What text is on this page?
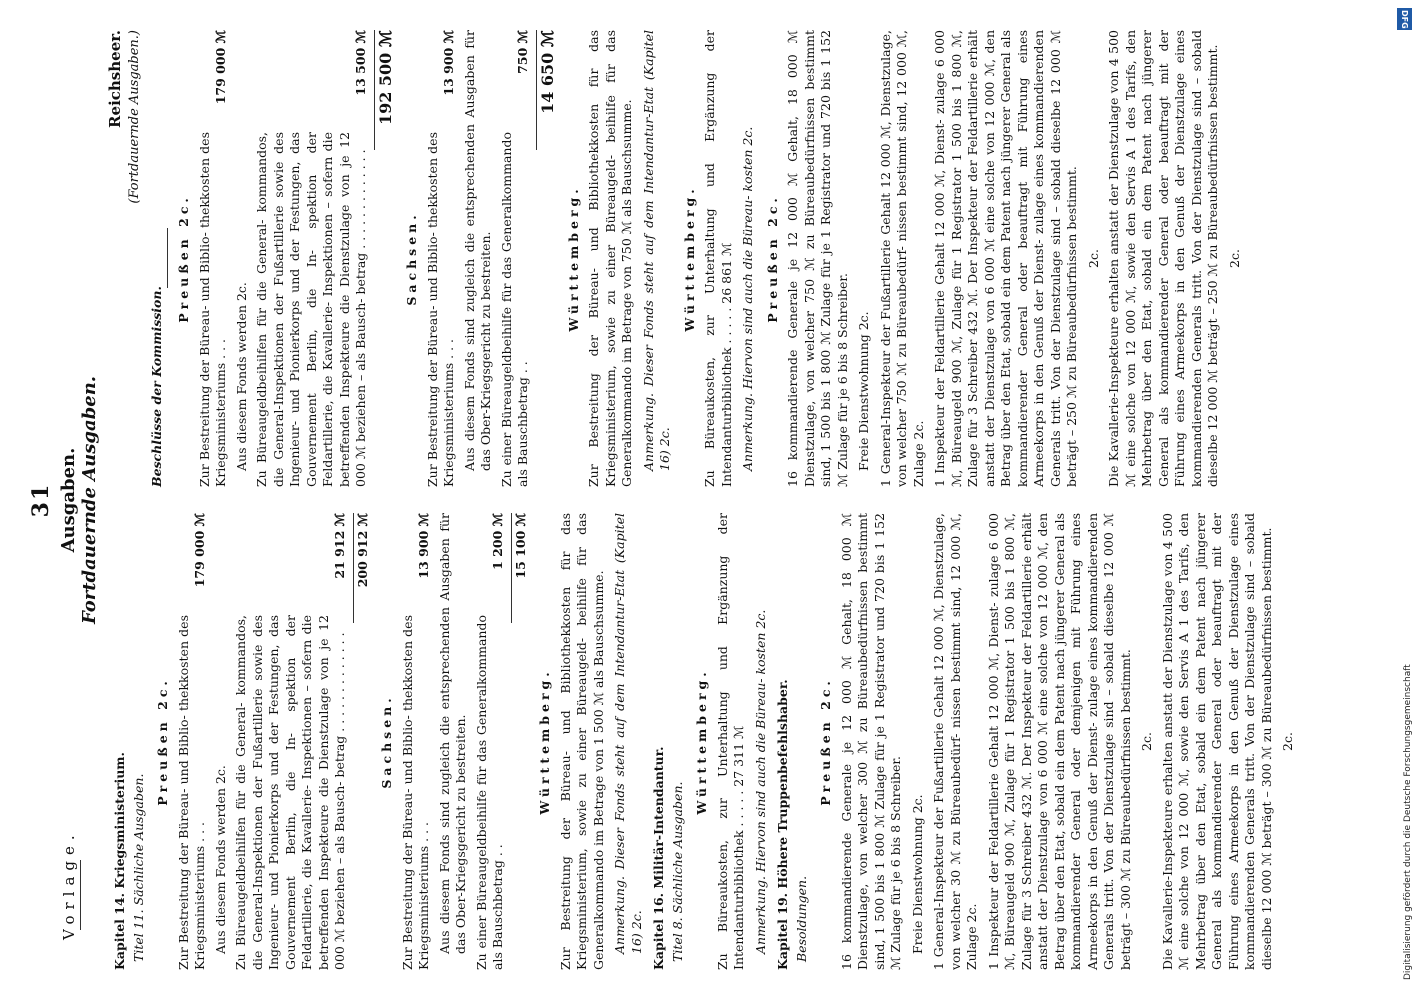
Vorlage.
31 Ausgaben. Fortdauernde Ausgaben.
Kapitel 14. Kriegsministerium. Titel 11. Sächliche Ausgaben.
Preußen 2c. Zur Bestreitung der Büreau- und Biblio- thekkosten des Kriegsministeriums . . .
179 000 ℳ
Aus diesem Fonds werden 2c. Zu Büreaugeldbeihilfen für die General- kommandos, die General-Inspektionen der Fußartillerie sowie des Ingenieur- und Pionierkorps und der Festungen, das Gouvernement Berlin, die In- spektion der Feldartillerie, die Kavallerie- Inspektionen – sofern die betreffenden Inspekteure die Dienstzulage von je 12 000 ℳ beziehen – als Bausch- betrag . . . . . . . . . . . . .
21 912 ℳ 200 912 ℳ
Sachsen. Zur Bestreitung der Büreau- und Biblio- thekkosten des Kriegsministeriums . . .
13 900 ℳ Aus diesem Fonds sind zugleich die entsprechenden Ausgaben für das Ober-Kriegsgericht zu bestreiten. Zu einer Büreaugeldbeihilfe für das Generalkommando als Bauschbetrag . .
1 200 ℳ 15 100 ℳ
Württemberg. Zur Bestreitung der Büreau- und Bibliothekkosten für das Kriegsministerium, sowie zu einer Büreaugeld- beihilfe für das Generalkommando im Betrage von 1 500 ℳ als Bauschsumme. Anmerkung. Dieser Fonds steht auf dem Intendantur-Etat (Kapitel 16) 2c. Kapitel 16. Militär-Intendantur. Titel 8. Sächliche Ausgaben.
Württemberg. Zu Büreaukosten, zur Unterhaltung und Ergänzung der Intendanturbibliothek . . . . . 27 311 ℳ Anmerkung. Hiervon sind auch die Büreau- kosten 2c. Kapitel 19. Höhere Truppenbefehlshaber. Besoldungen.
Preußen 2c. 16 kommandierende Generale je 12 000 ℳ Gehalt, 18 000 ℳ Dienstzulage, von welcher 300 ℳ zu Büreaubedürfnissen bestimmt sind, 1 500 bis 1 800 ℳ Zulage für je 1 Registrator und 720 bis 1 152 ℳ Zulage für je 6 bis 8 Schreiber. Freie Dienstwohnung 2c. 1 General-Inspekteur der Fußartillerie Gehalt 12 000 ℳ, Dienstzulage, von welcher 30 ℳ zu Büreaubedürf- nissen bestimmt sind, 12 000 ℳ, Zulage 2c. 1 Inspekteur der Feldartillerie Gehalt 12 000 ℳ, Dienst- zulage 6 000 ℳ, Büreaugeld 900 ℳ, Zulage für 1 Registrator 1 500 bis 1 800 ℳ, Zulage für 3 Schreiber 432 ℳ. Der Inspekteur der Feldartillerie erhält anstatt der Dienstzulage von 6 000 ℳ eine solche von 12 000 ℳ, den Betrag über den Etat, sobald ein dem Patent nach jüngerer General als kommandierender General oder demjenigen mit Führung eines Armeekorps in den Genuß der Dienst- zulage eines kommandierenden Generals tritt. Von der Dienstzulage sind – sobald dieselbe 12 000 ℳ beträgt – 300 ℳ zu Büreaubedürfnissen bestimmt. 2c. Die Kavallerie-Inspekteure erhalten anstatt der Dienstzulage von 4 500 ℳ eine solche von 12 000 ℳ, sowie den Servis A 1 des Tarifs, den Mehrbetrag über den Etat, sobald ein dem Patent nach jüngerer General als kommandierender General oder beauftragt mit der Führung eines Armeekorps in den Genuß der Dienstzulage eines kommandierenden Generals tritt. Von der Dienstzulage sind – sobald dieselbe 12 000 ℳ beträgt – 300 ℳ zu Büreaubedürfnissen bestimmt. 2c.
Reichsheer. (Fortdauernde Ausgaben.)
Beschlüsse der Kommission.
Preußen 2c. Zur Bestreitung der Büreau- und Biblio- thekkosten des Kriegsministeriums . . .
179 000 ℳ
Aus diesem Fonds werden 2c. Zu Büreaugeldbeihilfen für die General- kommandos, die General-Inspektionen der Fußartillerie sowie des Ingenieur- und Pionierkorps und der Festungen, das Gouvernement Berlin, die In- spektion der Feldartillerie, die Kavallerie- Inspektionen – sofern die betreffenden Inspekteure die Dienstzulage von je 12 000 ℳ beziehen – als Bausch- betrag . . . . . . . . . . . . .
13 500 ℳ 192 500 ℳ
Sachsen. Zur Bestreitung der Büreau- und Biblio- thekkosten des Kriegsministeriums . . .
13 900 ℳ Aus diesem Fonds sind zugleich die entsprechenden Ausgaben für das Ober-Kriegsgericht zu bestreiten. Zu einer Büreaugeldbeihilfe für das Generalkommando als Bauschbetrag . .
750 ℳ 14 650 ℳ
Württemberg. Zur Bestreitung der Büreau- und Bibliothekkosten für das Kriegsministerium, sowie zu einer Büreaugeld- beihilfe für das Generalkommando im Betrage von 750 ℳ als Bauschsumme. Anmerkung. Dieser Fonds steht auf dem Intendantur-Etat (Kapitel 16) 2c.
Württemberg. Zu Büreaukosten, zur Unterhaltung und Ergänzung der Intendanturbibliothek . . . . . 26 861 ℳ Anmerkung. Hiervon sind auch die Büreau- kosten 2c. Preußen 2c. 16 kommandierende Generale je 12 000 ℳ Gehalt, 18 000 ℳ Dienstzulage, von welcher 750 ℳ zu Büreaubedürfnissen bestimmt sind, 1 500 bis 1 800 ℳ Zulage für je 1 Registrator und 720 bis 1 152 ℳ Zulage für je 6 bis 8 Schreiber. Freie Dienstwohnung 2c. 1 General-Inspekteur der Fußartillerie Gehalt 12 000 ℳ, Dienstzulage, von welcher 750 ℳ zu Büreaubedürf- nissen bestimmt sind, 12 000 ℳ, Zulage 2c. 1 Inspekteur der Feldartillerie Gehalt 12 000 ℳ, Dienst- zulage 6 000 ℳ, Büreaugeld 900 ℳ, Zulage für 1 Registrator 1 500 bis 1 800 ℳ, Zulage für 3 Schreiber 432 ℳ. Der Inspekteur der Feldartillerie erhält anstatt der Dienstzulage von 6 000 ℳ eine solche von 12 000 ℳ, den Betrag über den Etat, sobald ein dem Patent nach jüngerer General als kommandierender General oder beauftragt mit Führung eines Armeekorps in den Genuß der Dienst- zulage eines kommandierenden Generals tritt. Von der Dienstzulage sind – sobald dieselbe 12 000 ℳ beträgt – 250 ℳ zu Büreaubedürfnissen bestimmt. 2c. Die Kavallerie-Inspekteure erhalten anstatt der Dienstzulage von 4 500 ℳ eine solche von 12 000 ℳ, sowie den Servis A 1 des Tarifs, den Mehrbetrag über den Etat, sobald ein dem Patent nach jüngerer General als kommandierender General oder beauftragt mit der Führung eines Armeekorps in den Genuß der Dienstzulage eines kommandierenden Generals tritt. Von der Dienstzulage sind – sobald dieselbe 12 000 ℳ beträgt – 250 ℳ zu Büreaubedürfnissen bestimmt. 2c.
DFG
Digitalisierung gefördert durch die Deutsche Forschungsgemeinschaft
